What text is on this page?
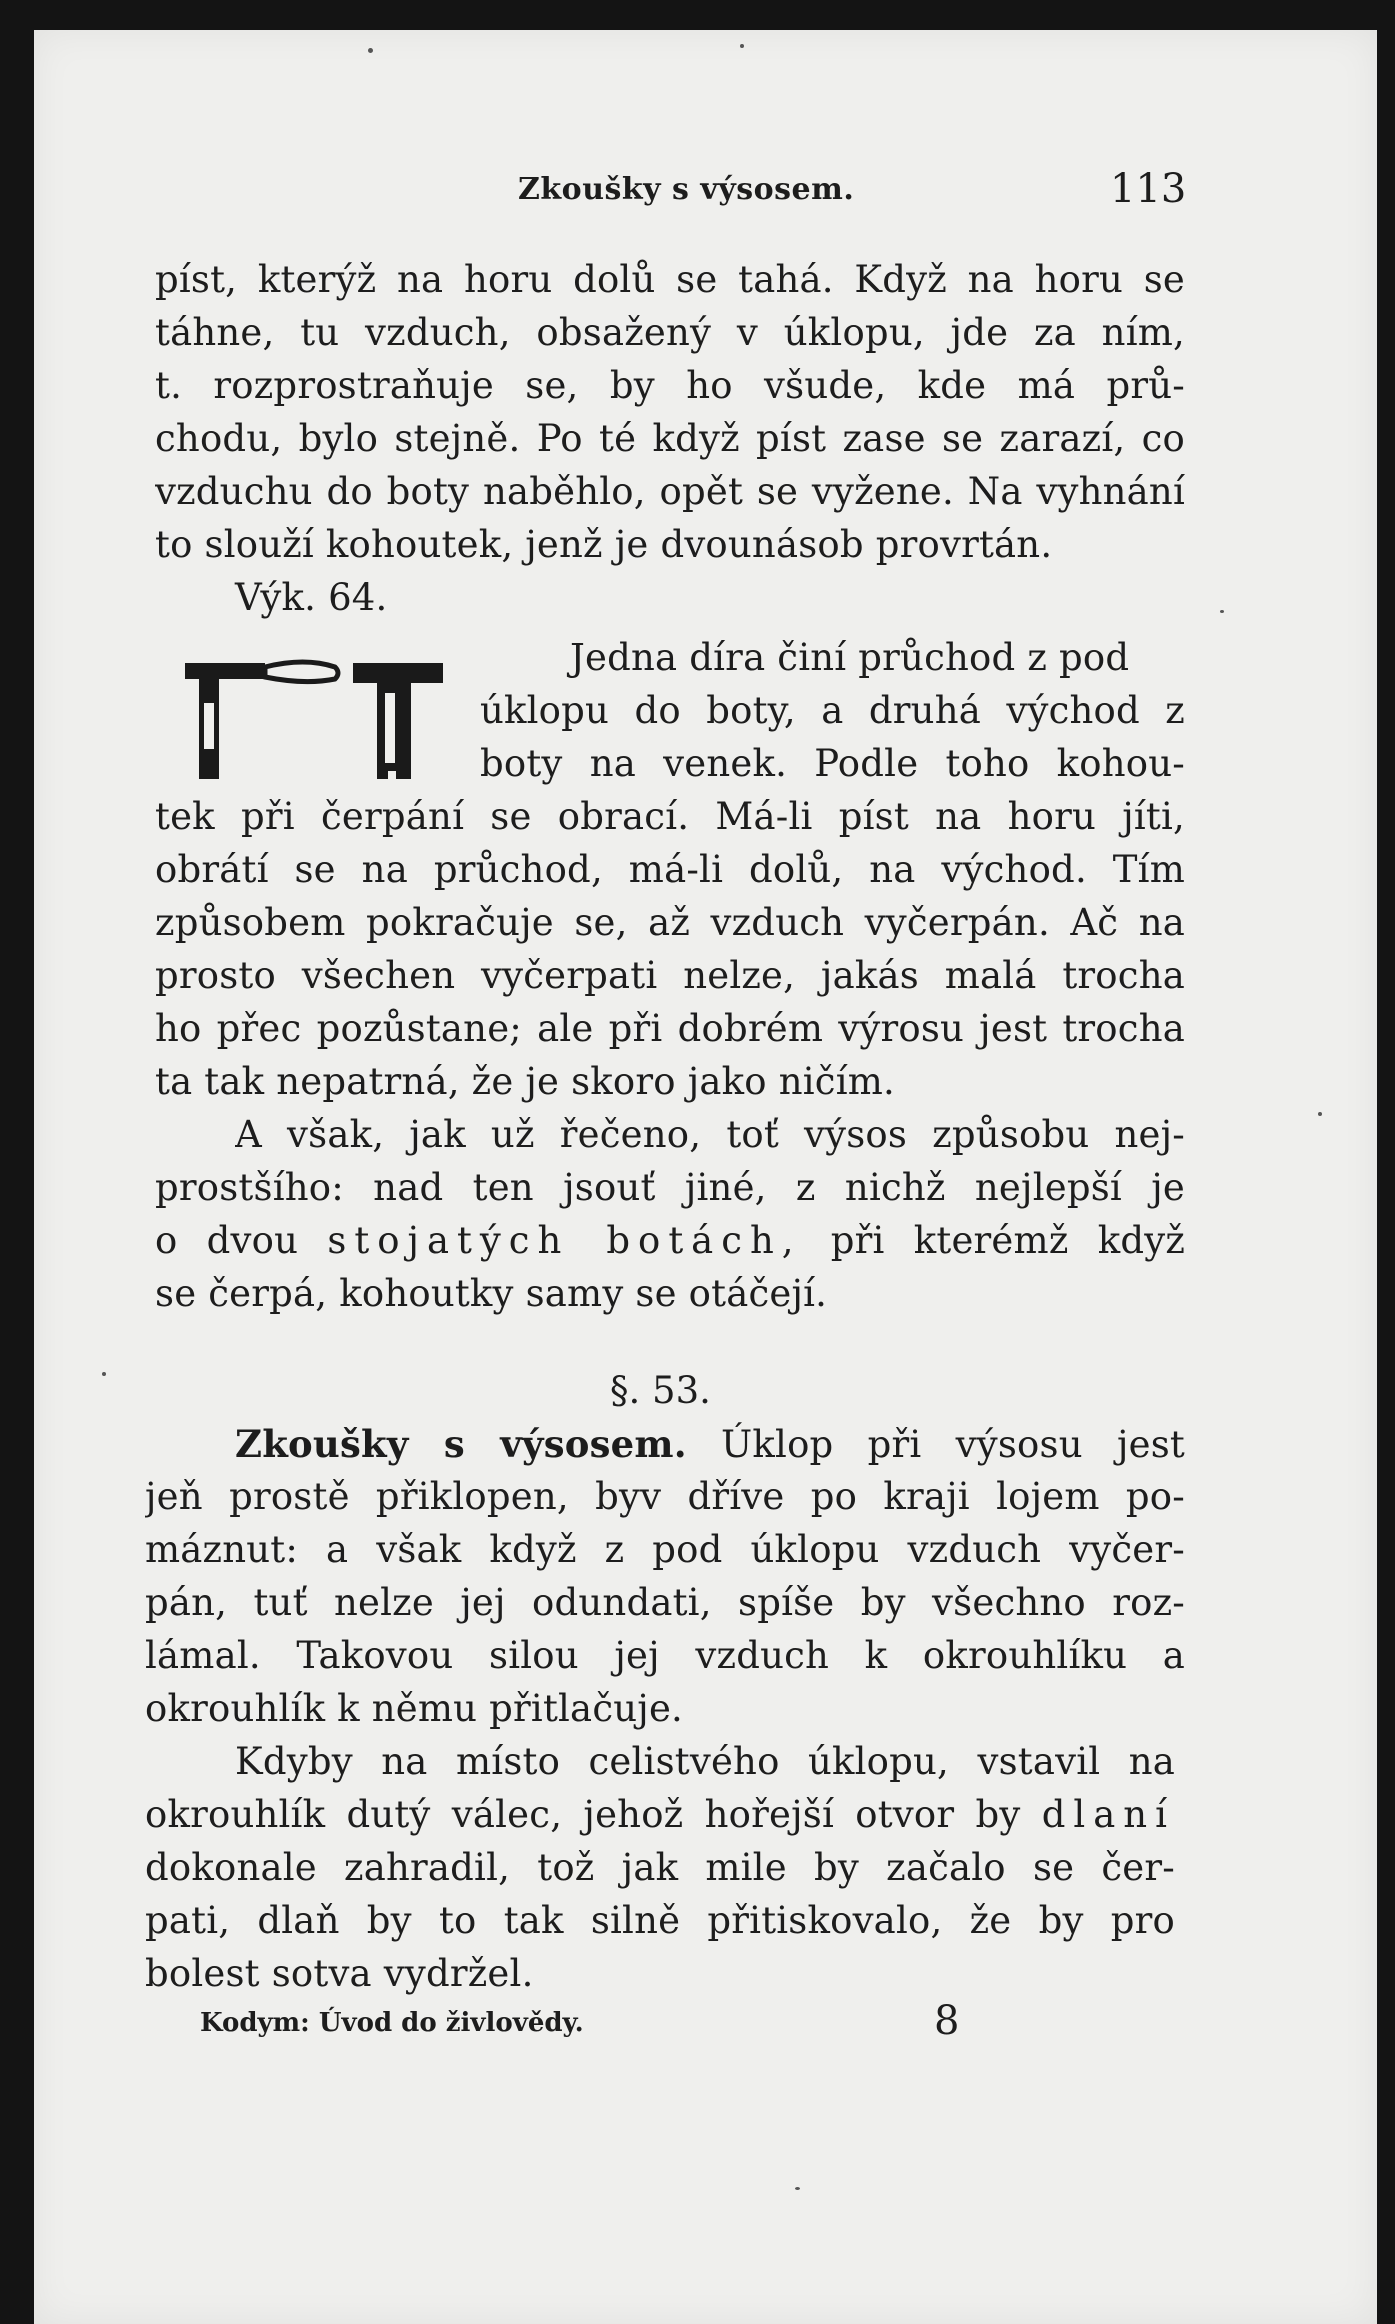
Zkoušky s výsosem.	113
píst, kterýž na horu dolů se tahá. Když na horu se
táhne, tu vzduch, obsažený v úklopu, jde za ním,
t. rozprostraňuje se, by ho všude, kde má prů-
chodu, bylo stejně. Po té když píst zase se zarazí, co
vzduchu do boty naběhlo, opět se vyžene. Na vyhnání
to slouží kohoutek, jenž je dvounásob provrtán.
Výk. 64.
Jedna díra činí průchod z pod
úklopu do boty, a druhá východ z
boty na venek. Podle toho kohou-
tek při čerpání se obrací. Má-li píst na horu jíti,
obrátí se na průchod, má-li dolů, na východ. Tím
způsobem pokračuje se, až vzduch vyčerpán. Ač na
prosto všechen vyčerpati nelze, jakás malá trocha
ho přec pozůstane; ale při dobrém výrosu jest trocha
ta tak nepatrná, že je skoro jako ničím.
A však, jak už řečeno, toť výsos způsobu nej-
prostšího: nad ten jsouť jiné, z nichž nejlepší je
o dvou stojatých botách, při kterémž když
se čerpá, kohoutky samy se otáčejí.
§. 53.
Zkoušky s výsosem. Úklop při výsosu jest
jeň prostě přiklopen, byv dříve po kraji lojem po-
máznut: a však když z pod úklopu vzduch vyčer-
pán, tuť nelze jej odundati, spíše by všechno roz-
lámal. Takovou silou jej vzduch k okrouhlíku a
okrouhlík k němu přitlačuje.
Kdyby na místo celistvého úklopu, vstavil na
okrouhlík dutý válec, jehož hořejší otvor by dlaní
dokonale zahradil, tož jak mile by začalo se čer-
pati, dlaň by to tak silně přitiskovalo, že by pro
bolest sotva vydržel.
Kodym: Úvod do živlovědy.	8
